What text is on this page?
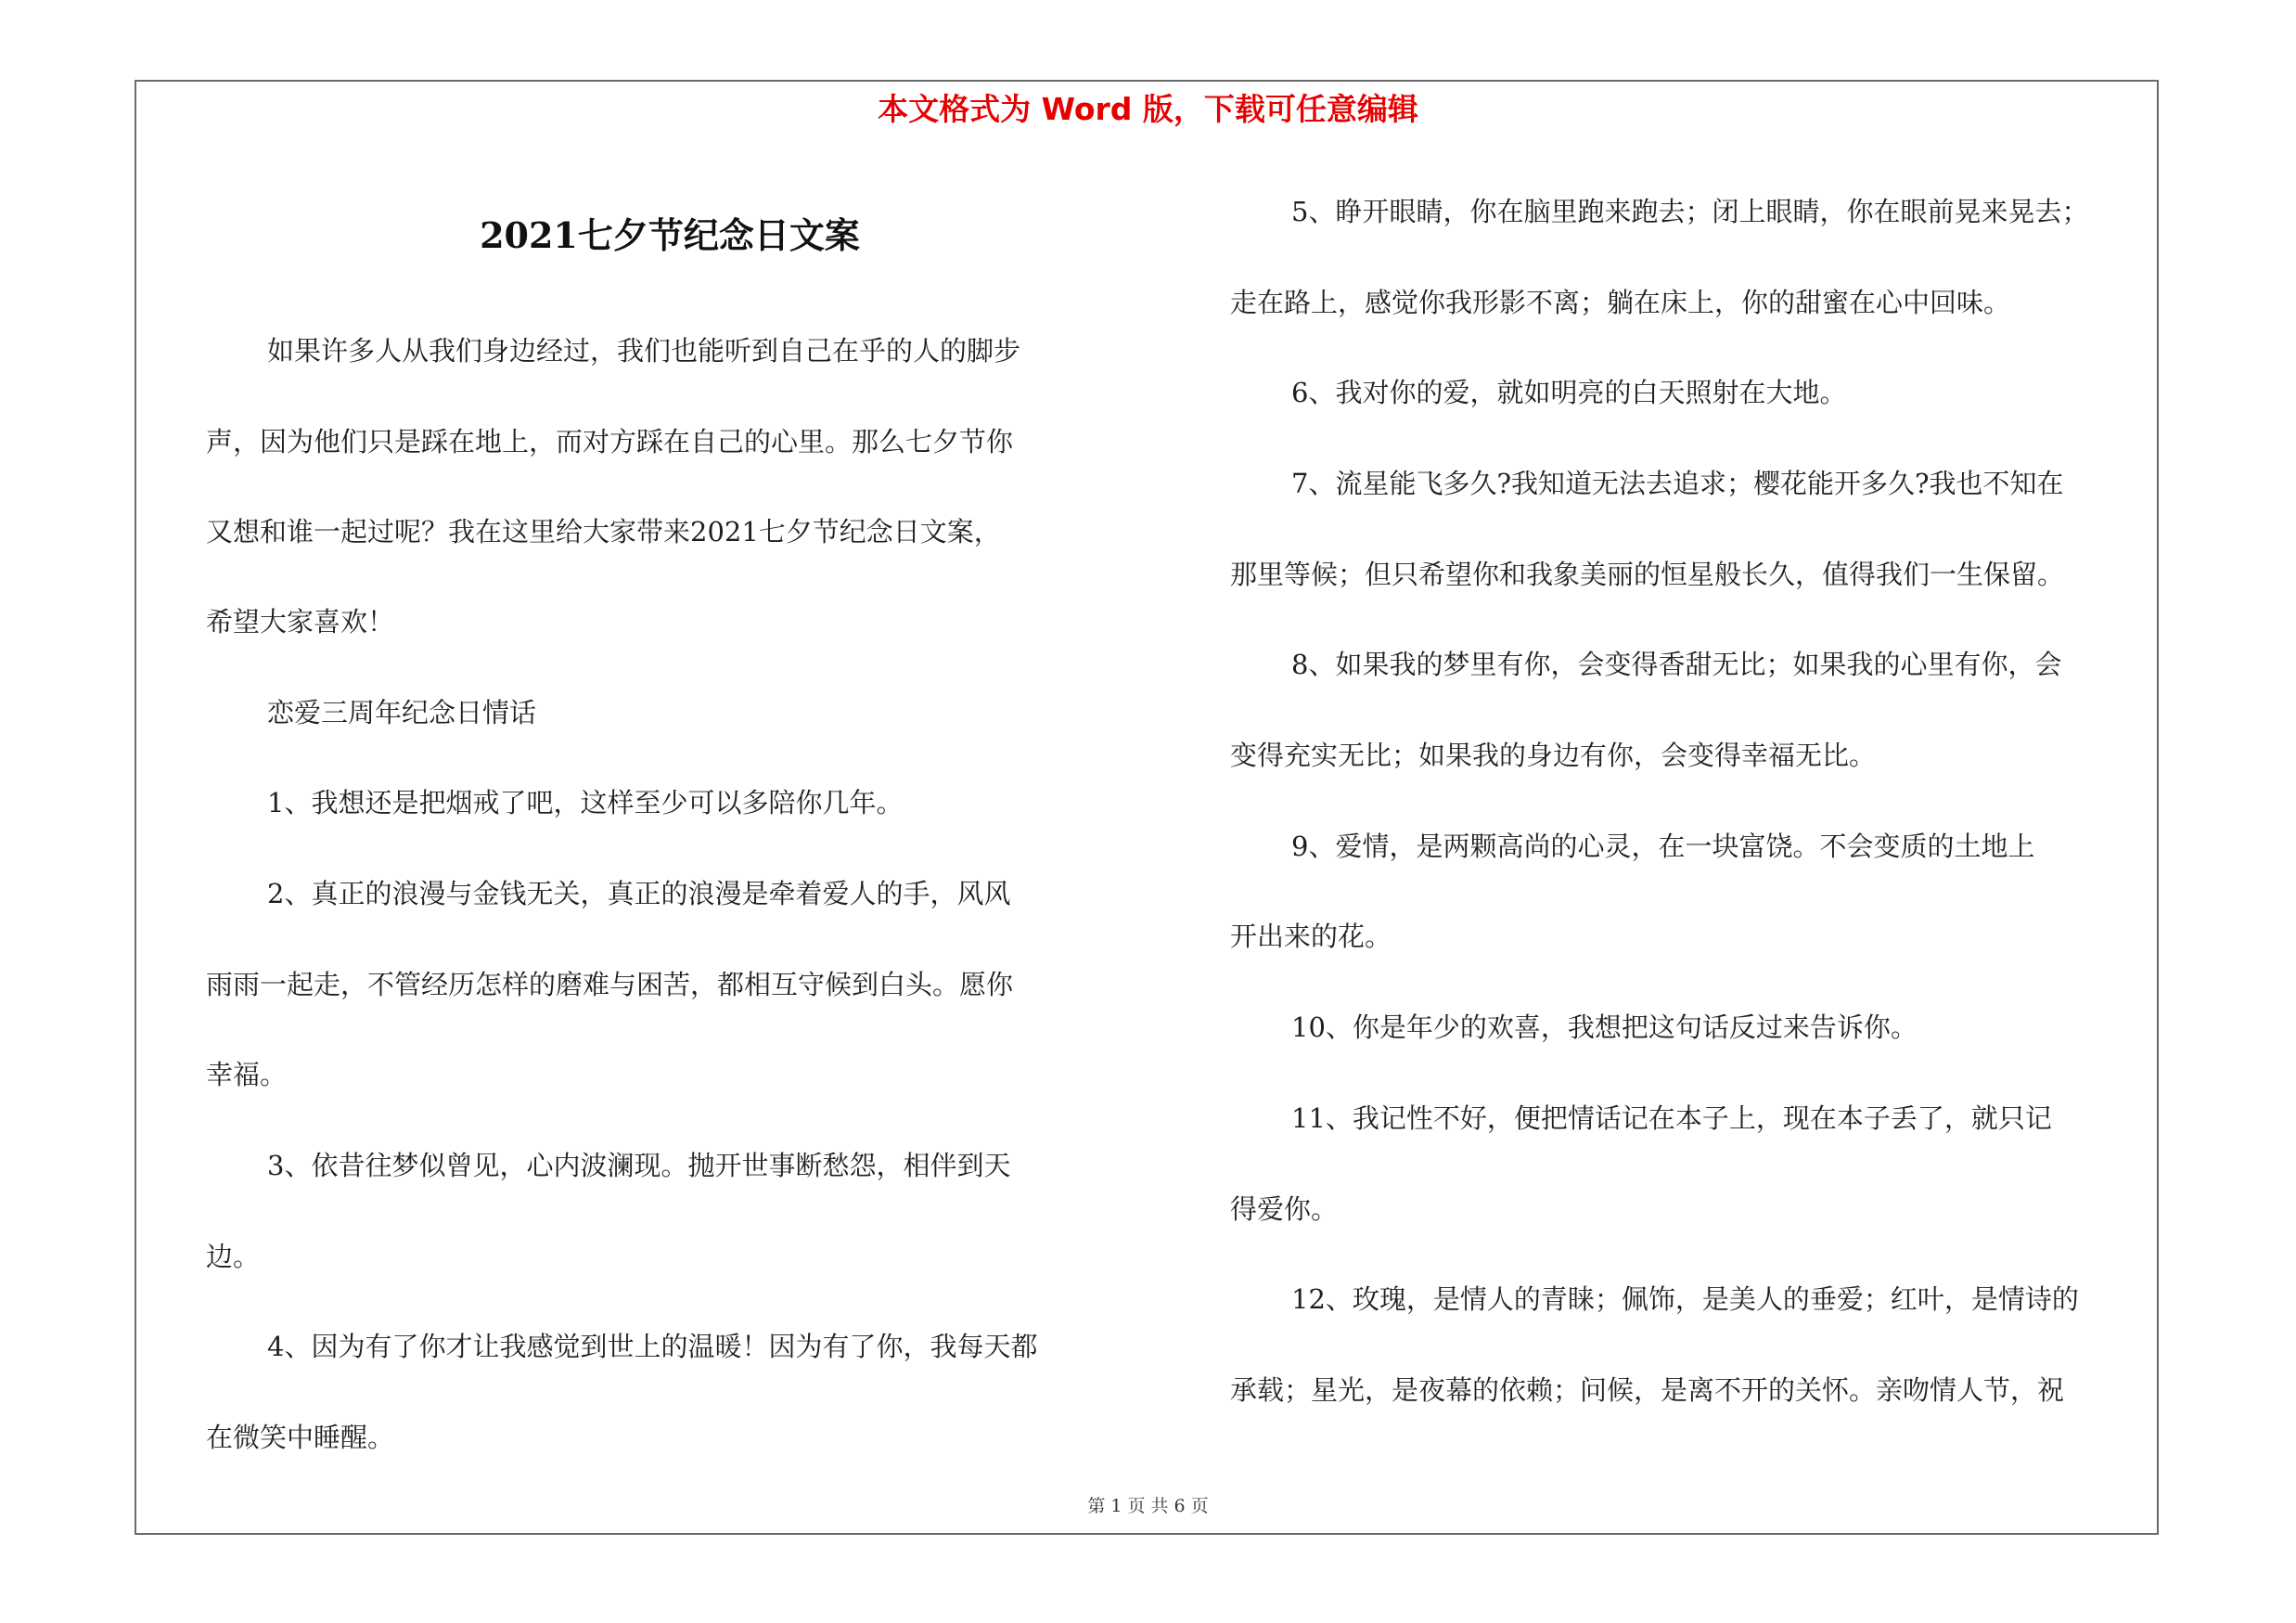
本文格式为 Word 版，下载可任意编辑
2021七夕节纪念日文案
如果许多人从我们身边经过，我们也能听到自己在乎的人的脚步
声，因为他们只是踩在地上，而对方踩在自己的心里。那么七夕节你
又想和谁一起过呢？我在这里给大家带来2021七夕节纪念日文案，
希望大家喜欢！
恋爱三周年纪念日情话
1、我想还是把烟戒了吧，这样至少可以多陪你几年。
2、真正的浪漫与金钱无关，真正的浪漫是牵着爱人的手，风风
雨雨一起走，不管经历怎样的磨难与困苦，都相互守候到白头。愿你
幸福。
3、依昔往梦似曾见，心内波澜现。抛开世事断愁怨，相伴到天
边。
4、因为有了你才让我感觉到世上的温暖！因为有了你，我每天都
在微笑中睡醒。
5、睁开眼睛，你在脑里跑来跑去；闭上眼睛，你在眼前晃来晃去；
走在路上，感觉你我形影不离；躺在床上，你的甜蜜在心中回味。
6、我对你的爱，就如明亮的白天照射在大地。
7、流星能飞多久?我知道无法去追求；樱花能开多久?我也不知在
那里等候；但只希望你和我象美丽的恒星般长久，值得我们一生保留。
8、如果我的梦里有你，会变得香甜无比；如果我的心里有你，会
变得充实无比；如果我的身边有你，会变得幸福无比。
9、爱情，是两颗高尚的心灵，在一块富饶。不会变质的土地上
开出来的花。
10、你是年少的欢喜，我想把这句话反过来告诉你。
11、我记性不好，便把情话记在本子上，现在本子丢了，就只记
得爱你。
12、玫瑰，是情人的青睐；佩饰，是美人的垂爱；红叶，是情诗的
承载；星光，是夜幕的依赖；问候，是离不开的关怀。亲吻情人节，祝
第 1 页 共 6 页
